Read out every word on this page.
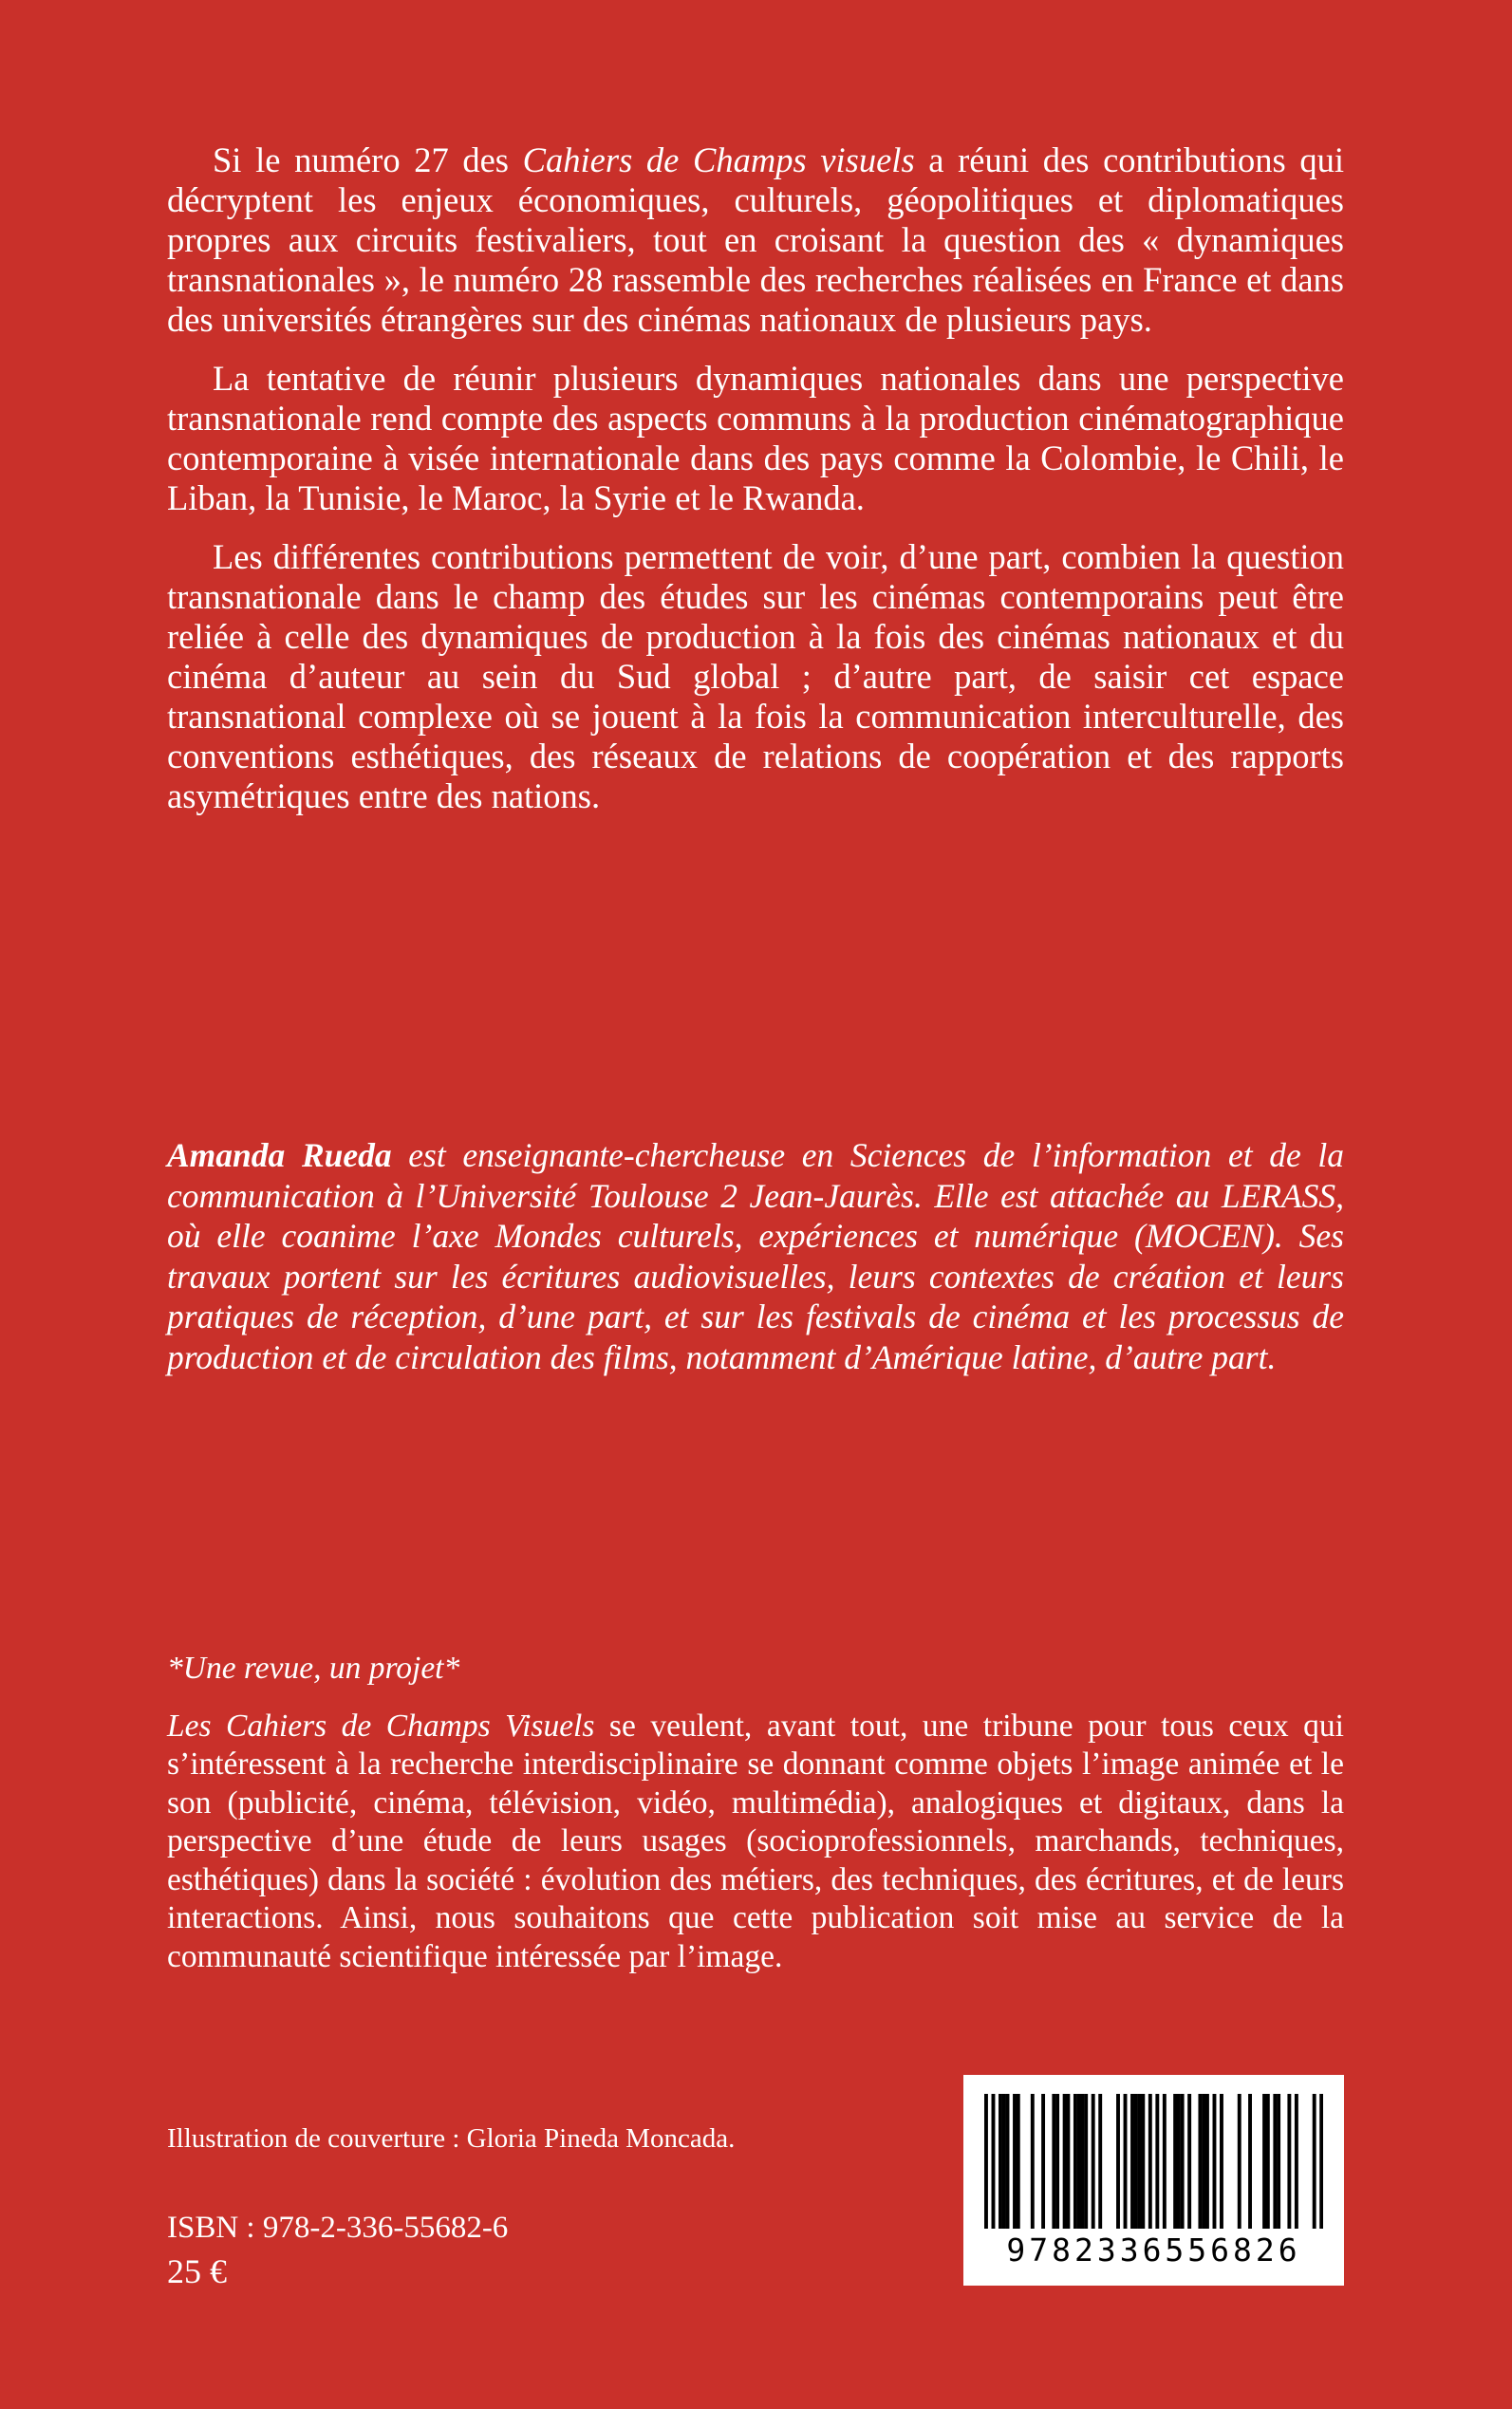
Si le numéro 27 des Cahiers de Champs visuels a réuni des contributions qui décryptent les enjeux économiques, culturels, géopolitiques et diplomatiques propres aux circuits festivaliers, tout en croisant la question des « dynamiques transnationales », le numéro 28 rassemble des recherches réalisées en France et dans des universités étrangères sur des cinémas nationaux de plusieurs pays.

La tentative de réunir plusieurs dynamiques nationales dans une perspective transnationale rend compte des aspects communs à la production cinématographique contemporaine à visée internationale dans des pays comme la Colombie, le Chili, le Liban, la Tunisie, le Maroc, la Syrie et le Rwanda.

Les différentes contributions permettent de voir, d’une part, combien la question transnationale dans le champ des études sur les cinémas contemporains peut être reliée à celle des dynamiques de production à la fois des cinémas nationaux et du cinéma d’auteur au sein du Sud global ; d’autre part, de saisir cet espace transnational complexe où se jouent à la fois la communication interculturelle, des conventions esthétiques, des réseaux de relations de coopération et des rapports asymétriques entre des nations.

Amanda Rueda est enseignante-chercheuse en Sciences de l’information et de la communication à l’Université Toulouse 2 Jean-Jaurès. Elle est attachée au LERASS, où elle coanime l’axe Mondes culturels, expériences et numérique (MOCEN). Ses travaux portent sur les écritures audiovisuelles, leurs contextes de création et leurs pratiques de réception, d’une part, et sur les festivals de cinéma et les processus de production et de circulation des films, notamment d’Amérique latine, d’autre part.

*Une revue, un projet*

Les Cahiers de Champs Visuels se veulent, avant tout, une tribune pour tous ceux qui s’intéressent à la recherche interdisciplinaire se donnant comme objets l’image animée et le son (publicité, cinéma, télévision, vidéo, multimédia), analogiques et digitaux, dans la perspective d’une étude de leurs usages (socioprofessionnels, marchands, techniques, esthétiques) dans la société : évolution des métiers, des techniques, des écritures, et de leurs interactions. Ainsi, nous souhaitons que cette publication soit mise au service de la communauté scientifique intéressée par l’image.

Illustration de couverture : Gloria Pineda Moncada.

ISBN : 978-2-336-55682-6

25 €

9782336556826
